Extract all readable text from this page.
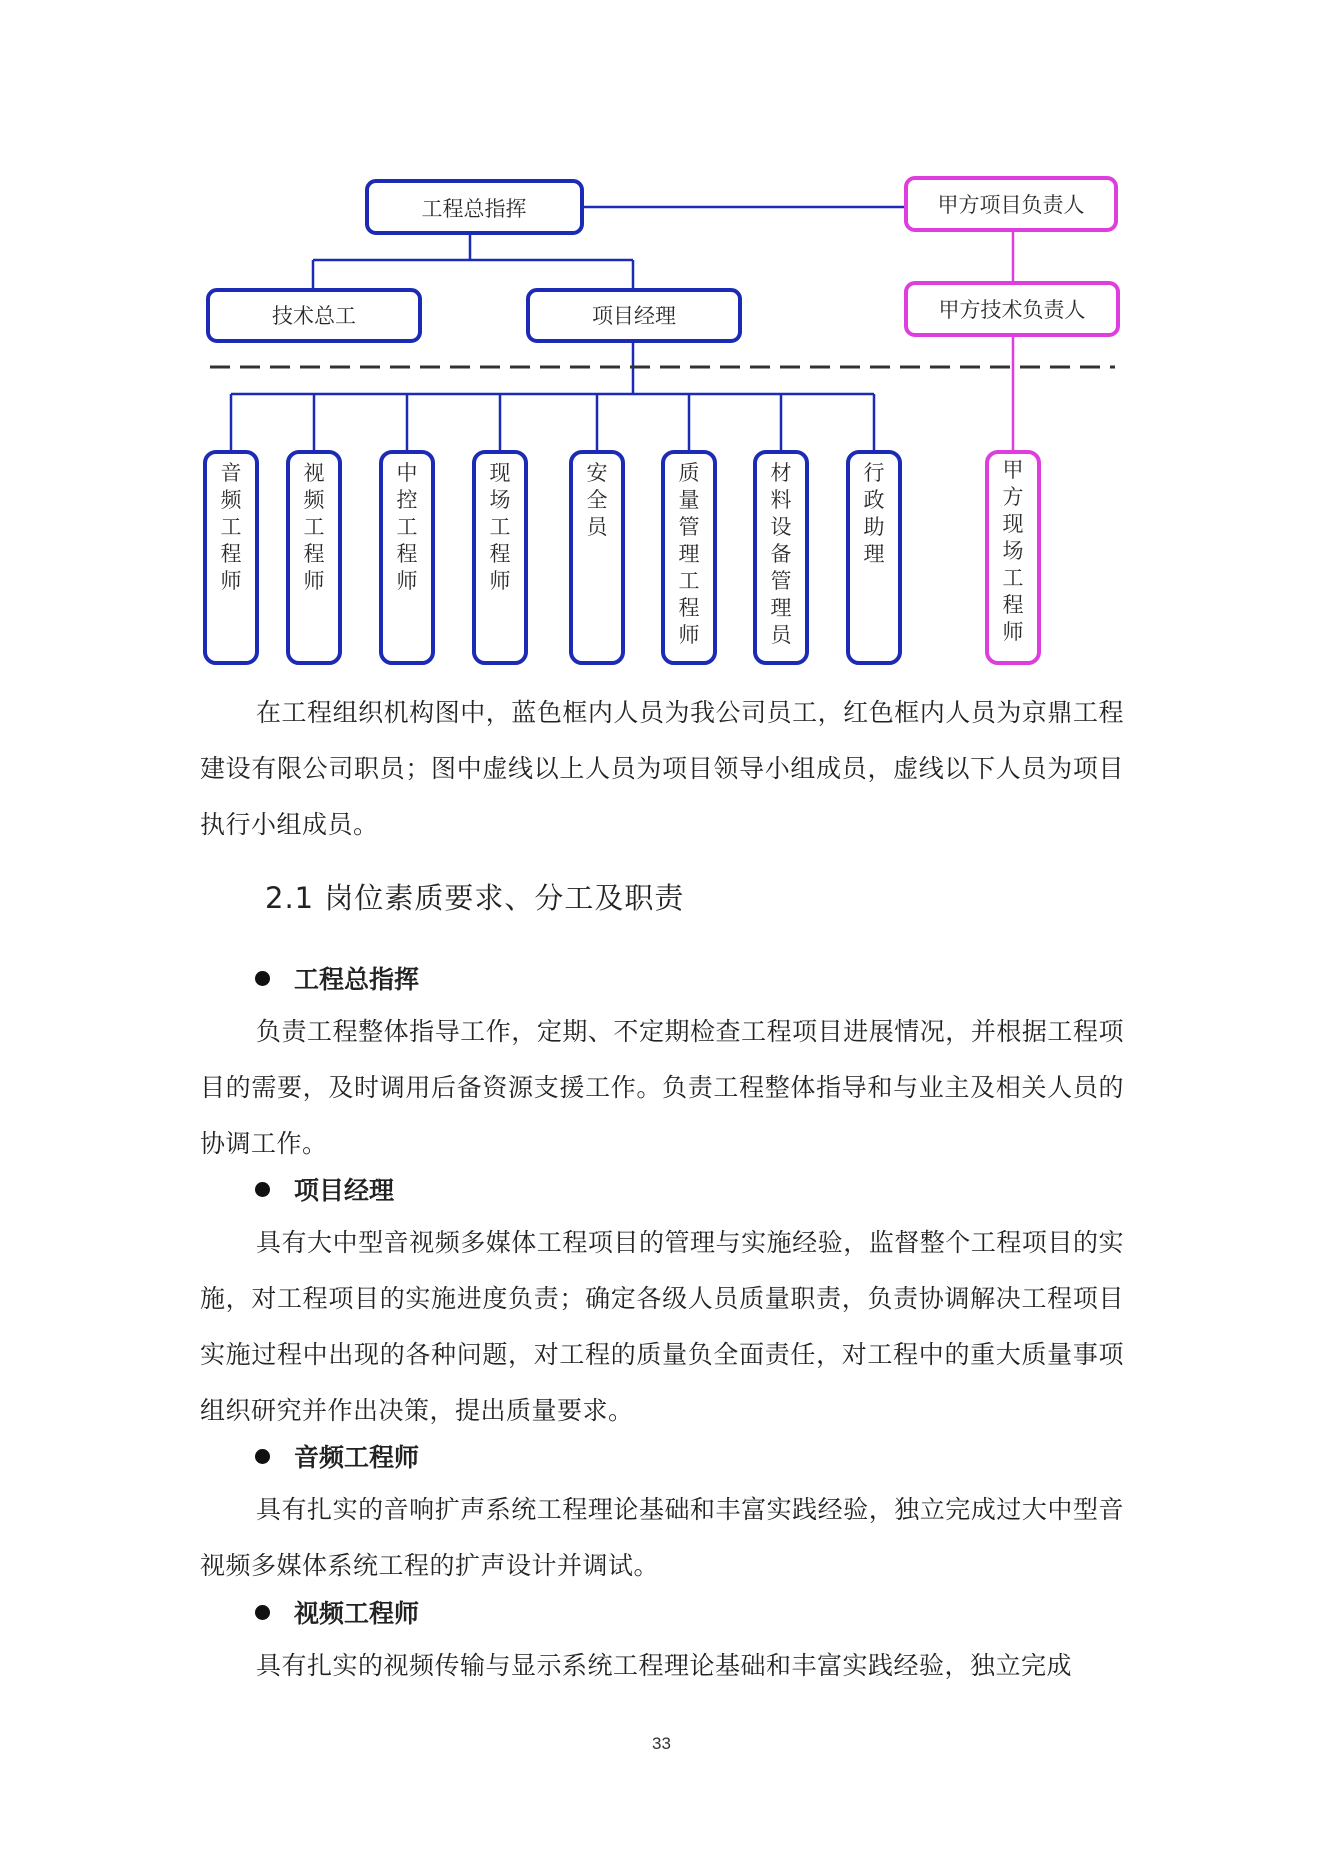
工程总指挥	甲方项目负责人
技术总工	项目经理	甲方技术负责人
音
频
工
程
师
视
频
工
程
师
中
控
工
程
师
现
场
工
程
师
安
全
员
质
量
管
理
工
程
师
材
料
设
备
管
理
员
行
政
助
理
甲
方
现
场
工
程
师

在工程组织机构图中，蓝色框内人员为我公司员工，红色框内人员为京鼎工程建设有限公司职员；图中虚线以上人员为项目领导小组成员，虚线以下人员为项目执行小组成员。

2.1 岗位素质要求、分工及职责
工程总指挥

负责工程整体指导工作，定期、不定期检查工程项目进展情况，并根据工程项目的需要，及时调用后备资源支援工作。负责工程整体指导和与业主及相关人员的协调工作。

项目经理

具有大中型音视频多媒体工程项目的管理与实施经验，监督整个工程项目的实施，对工程项目的实施进度负责；确定各级人员质量职责，负责协调解决工程项目实施过程中出现的各种问题，对工程的质量负全面责任，对工程中的重大质量事项组织研究并作出决策，提出质量要求。

音频工程师

具有扎实的音响扩声系统工程理论基础和丰富实践经验，独立完成过大中型音视频多媒体系统工程的扩声设计并调试。

视频工程师

具有扎实的视频传输与显示系统工程理论基础和丰富实践经验，独立完成

33
